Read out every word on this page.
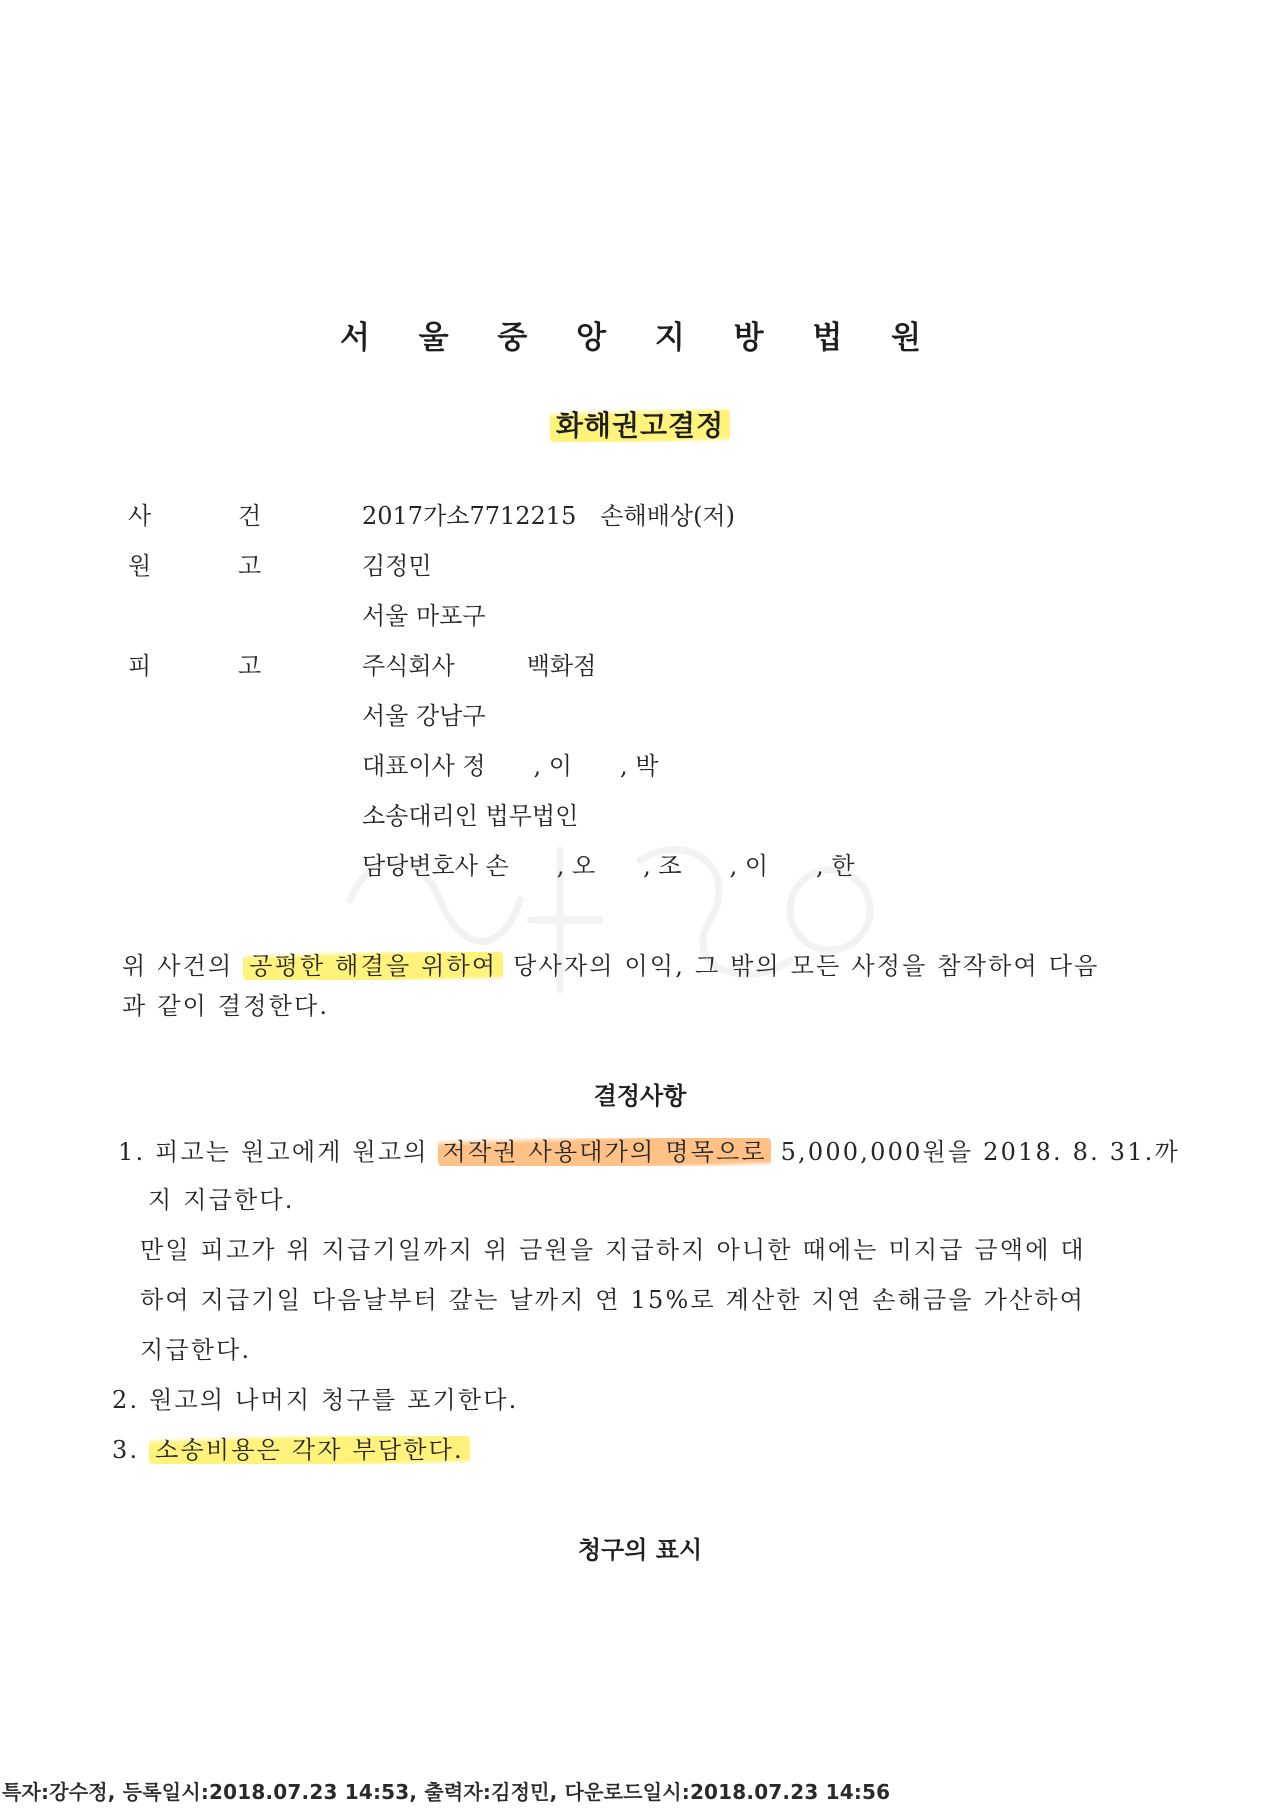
서 울 중 앙 지 방 법 원
화해권고결정
사	건	2017가소7712215　손해배상(저)
원	고	김정민
서울 마포구
피	고	주식회사　　　백화점
서울 강남구
대표이사 정　　, 이　　, 박
소송대리인 법무법인
담당변호사 손　　, 오　　, 조　　, 이　　, 한
위 사건의 공평한 해결을 위하여 당사자의 이익, 그 밖의 모든 사정을 참작하여 다음
과 같이 결정한다.
결정사항
1. 피고는 원고에게 원고의 저작권 사용대가의 명목으로 5,000,000원을 2018. 8. 31.까
지 지급한다.
만일 피고가 위 지급기일까지 위 금원을 지급하지 아니한 때에는 미지급 금액에 대
하여 지급기일 다음날부터 갚는 날까지 연 15%로 계산한 지연 손해금을 가산하여
지급한다.
2. 원고의 나머지 청구를 포기한다.
3. 소송비용은 각자 부담한다.
청구의 표시
특자:강수정, 등록일시:2018.07.23 14:53, 출력자:김정민, 다운로드일시:2018.07.23 14:56
